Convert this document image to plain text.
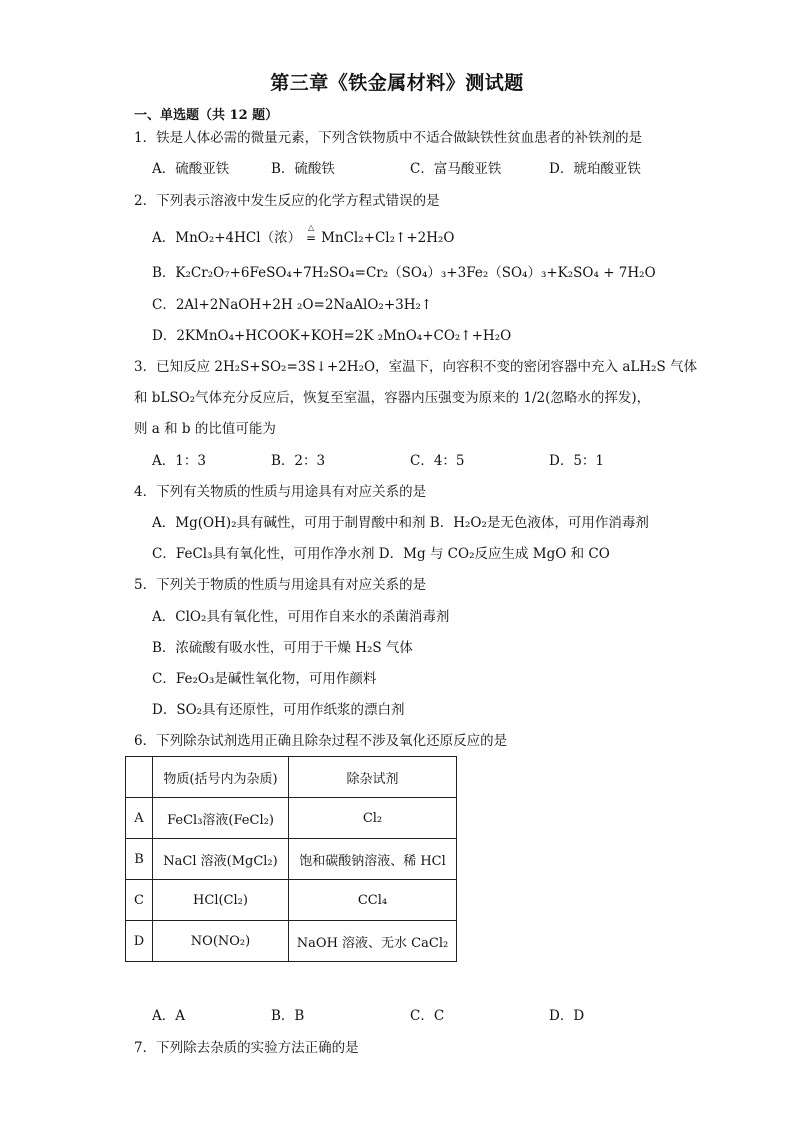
第三章《铁金属材料》测试题
一、单选题（共 12 题）
1．铁是人体必需的微量元素，下列含铁物质中不适合做缺铁性贫血患者的补铁剂的是
A．硫酸亚铁	B．硫酸铁	C．富马酸亚铁	D．琥珀酸亚铁
2．下列表示溶液中发生反应的化学方程式错误的是
A．MnO₂+4HCl（浓）
△
= MnCl₂+Cl₂↑+2H₂O
B．K₂Cr₂O₇+6FeSO₄+7H₂SO₄=Cr₂（SO₄）₃+3Fe₂（SO₄）₃+K₂SO₄ + 7H₂O
C．2Al+2NaOH+2H ₂O=2NaAlO₂+3H₂↑
D．2KMnO₄+HCOOK+KOH=2K ₂MnO₄+CO₂↑+H₂O
3．已知反应 2H₂S+SO₂=3S↓+2H₂O，室温下，向容积不变的密闭容器中充入 aLH₂S 气体
和 bLSO₂气体充分反应后，恢复至室温，容器内压强变为原来的 1/2(忽略水的挥发)，
则 a 和 b 的比值可能为
A．1：3	B．2：3	C．4：5	D．5：1
4．下列有关物质的性质与用途具有对应关系的是
A．Mg(OH)₂具有碱性，可用于制胃酸中和剂 B．H₂O₂是无色液体，可用作消毒剂
C．FeCl₃具有氧化性，可用作净水剂 D．Mg 与 CO₂反应生成 MgO 和 CO
5．下列关于物质的性质与用途具有对应关系的是
A．ClO₂具有氧化性，可用作自来水的杀菌消毒剂
B．浓硫酸有吸水性，可用于干燥 H₂S 气体
C．Fe₂O₃是碱性氧化物，可用作颜料
D．SO₂具有还原性，可用作纸浆的漂白剂
6．下列除杂试剂选用正确且除杂过程不涉及氧化还原反应的是
	物质(括号内为杂质)	除杂试剂
A	FeCl₃溶液(FeCl₂)	Cl₂
B	NaCl 溶液(MgCl₂)	饱和碳酸钠溶液、稀 HCl
C	HCl(Cl₂)	CCl₄
D	NO(NO₂)	NaOH 溶液、无水 CaCl₂
A．A	B．B	C．C	D．D
7．下列除去杂质的实验方法正确的是
